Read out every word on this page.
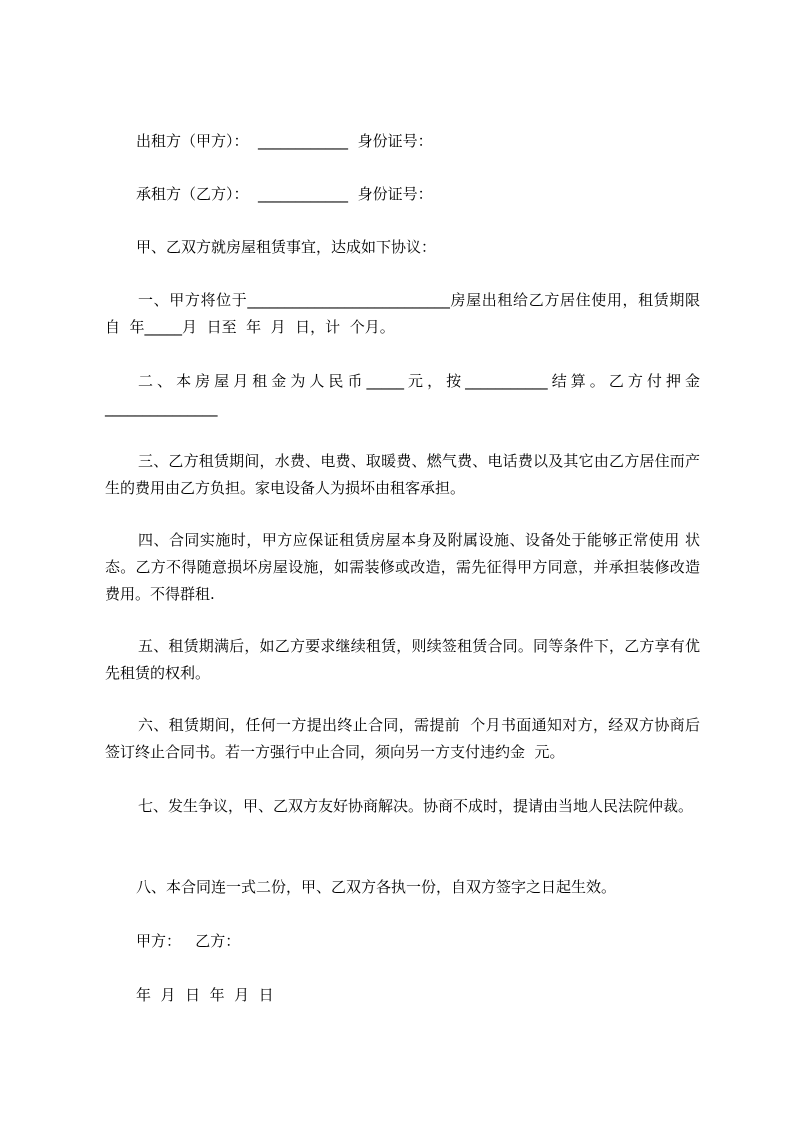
出租方（甲方）：  ____________  身份证号：
承租方（乙方）：  ____________  身份证号：
甲、乙双方就房屋租赁事宜，达成如下协议：
一、甲方将位于___________________________房屋出租给乙方居住使用，租赁期限自  年_____月  日至  年  月  日，计  个月。
二、本房屋月租金为人民币_____元，按___________结算。乙方付押金_______________
三、乙方租赁期间，水费、电费、取暖费、燃气费、电话费以及其它由乙方居住而产生的费用由乙方负担。家电设备人为损坏由租客承担。
四、合同实施时，甲方应保证租赁房屋本身及附属设施、设备处于能够正常使用 状态。乙方不得随意损坏房屋设施，如需装修或改造，需先征得甲方同意，并承担装修改造费用。不得群租.
五、租赁期满后，如乙方要求继续租赁，则续签租赁合同。同等条件下，乙方享有优先租赁的权利。
六、租赁期间，任何一方提出终止合同，需提前  个月书面通知对方，经双方协商后签订终止合同书。若一方强行中止合同，须向另一方支付违约金  元。
七、发生争议，甲、乙双方友好协商解决。协商不成时，提请由当地人民法院仲裁。
八、本合同连一式二份，甲、乙双方各执一份，自双方签字之日起生效。
甲方：   乙方：
年  月  日  年  月  日
